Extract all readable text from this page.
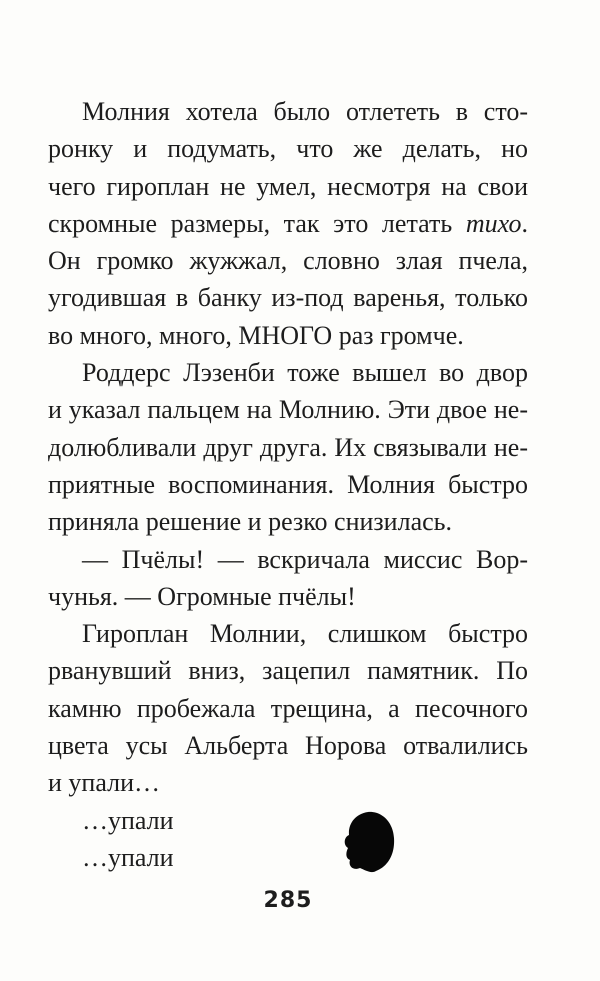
Молния хотела было отлететь в сто-
ронку и подумать, что же делать, но
чего гироплан не умел, несмотря на свои
скромные размеры, так это летать тихо.
Он громко жужжал, словно злая пчела,
угодившая в банку из-под варенья, только
во много, много, МНОГО раз громче.
Роддерс Лэзенби тоже вышел во двор
и указал пальцем на Молнию. Эти двое не-
долюбливали друг друга. Их связывали не-
приятные воспоминания. Молния быстро
приняла решение и резко снизилась.
— Пчёлы! — вскричала миссис Вор-
чунья. — Огромные пчёлы!
Гироплан Молнии, слишком быстро
рванувший вниз, зацепил памятник. По
камню пробежала трещина, а песочного
цвета усы Альберта Норова отвалились
и упали…
…упали
…упали
285
